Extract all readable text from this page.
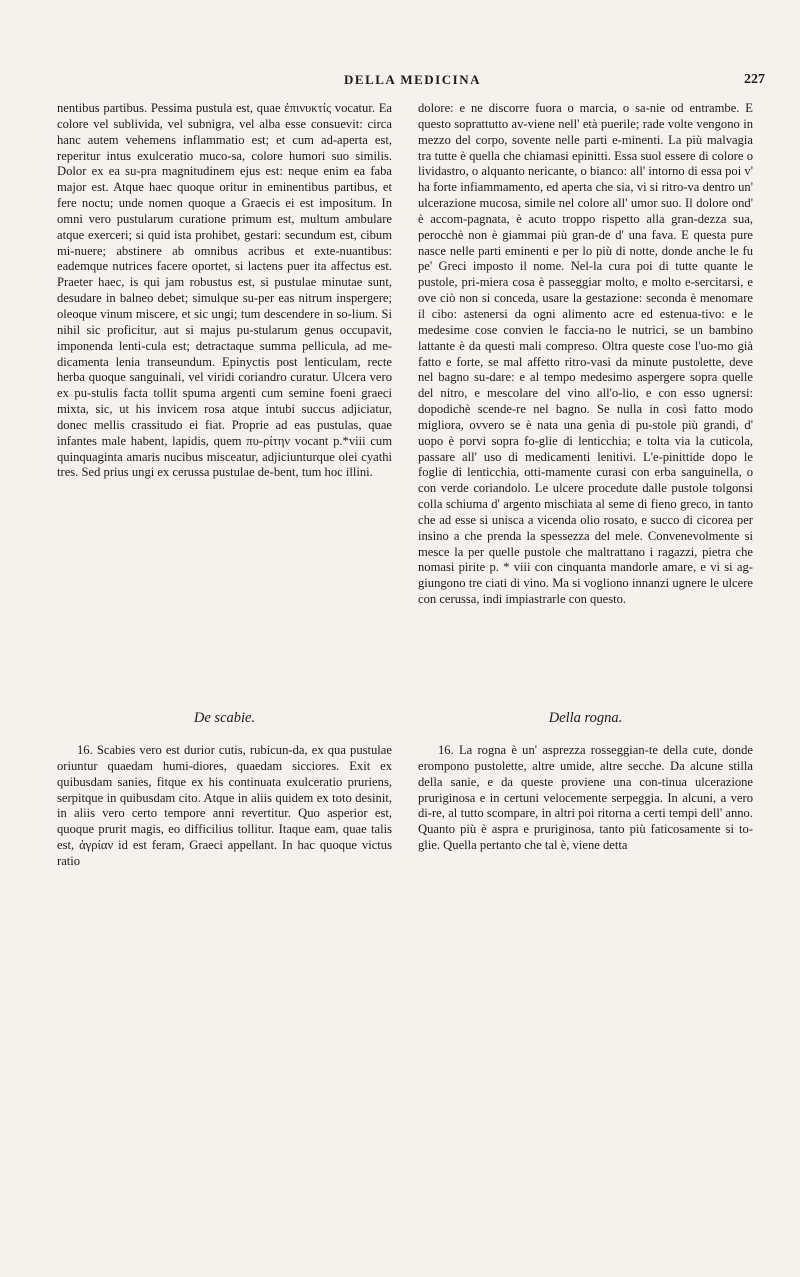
DELLA MEDICINA	227

nentibus partibus. Pessima pustula est, quae ἐπινυκτίς vocatur. Ea colore vel sublivida, vel subnigra, vel alba esse consuevit: circa hanc autem vehemens inflammatio est; et cum ad-aperta est, reperitur intus exulceratio muco-sa, colore humori suo similis. Dolor ex ea su-pra magnitudinem ejus est: neque enim ea faba major est. Atque haec quoque oritur in eminentibus partibus, et fere noctu; unde nomen quoque a Graecis ei est impositum. In omni vero pustularum curatione primum est, multum ambulare atque exerceri; si quid ista prohibet, gestari: secundum est, cibum mi-nuere; abstinere ab omnibus acribus et exte-nuantibus: eademque nutrices facere oportet, si lactens puer ita affectus est. Praeter haec, is qui jam robustus est, si pustulae minutae sunt, desudare in balneo debet; simulque su-per eas nitrum inspergere; oleoque vinum miscere, et sic ungi; tum descendere in so-lium. Si nihil sic proficitur, aut si majus pu-stularum genus occupavit, imponenda lenti-cula est; detractaque summa pellicula, ad me-dicamenta lenia transeundum. Epinyctis post lenticulam, recte herba quoque sanguinali, vel viridi coriandro curatur. Ulcera vero ex pu-stulis facta tollit spuma argenti cum semine foeni graeci mixta, sic, ut his invicem rosa atque intubi succus adjiciatur, donec mellis crassitudo ei fiat. Proprie ad eas pustulas, quae infantes male habent, lapidis, quem πυ-ρίτην vocant p.*viii cum quinquaginta amaris nucibus misceatur, adjiciunturque olei cyathi tres. Sed prius ungi ex cerussa pustulae de-bent, tum hoc illini.

dolore: e ne discorre fuora o marcia, o sa-nie od entrambe. E questo soprattutto av-viene nell' età puerile; rade volte vengono in mezzo del corpo, sovente nelle parti e-minenti. La più malvagia tra tutte è quella che chiamasi epinitti. Essa suol essere di colore o lividastro, o alquanto nericante, o bianco: all' intorno di essa poi v' ha forte infiammamento, ed aperta che sia, vi si ritro-va dentro un' ulcerazione mucosa, simile nel colore all' umor suo. Il dolore ond' è accom-pagnata, è acuto troppo rispetto alla gran-dezza sua, perocchè non è giammai più gran-de d' una fava. E questa pure nasce nelle parti eminenti e per lo più di notte, donde anche le fu pe' Greci imposto il nome. Nel-la cura poi di tutte quante le pustole, pri-miera cosa è passeggiar molto, e molto e-sercitarsi, e ove ciò non si conceda, usare la gestazione: seconda è menomare il cibo: astenersi da ogni alimento acre ed estenua-tivo: e le medesime cose convien le faccia-no le nutrici, se un bambino lattante è da questi mali compreso. Oltra queste cose l'uo-mo già fatto e forte, se mal affetto ritro-vasi da minute pustolette, deve nel bagno su-dare: e al tempo medesimo aspergere sopra quelle del nitro, e mescolare del vino all'o-lio, e con esso ugnersi: dopodichè scende-re nel bagno. Se nulla in così fatto modo migliora, ovvero se è nata una genìa di pu-stole più grandi, d' uopo è porvi sopra fo-glie di lenticchia; e tolta via la cuticola, passare all' uso di medicamenti lenitivi. L'e-pinittide dopo le foglie di lenticchia, otti-mamente curasi con erba sanguinella, o con verde coriandolo. Le ulcere procedute dalle pustole tolgonsi colla schiuma d' argento mischiata al seme di fieno greco, in tanto che ad esse si unisca a vicenda olio rosato, e succo di cicorea per insino a che prenda la spessezza del mele. Convenevolmente si mesce la per quelle pustole che maltrattano i ragazzi, pietra che nomasi pirite p. * viii con cinquanta mandorle amare, e vi si ag-giungono tre ciati di vino. Ma si vogliono innanzi ugnere le ulcere con cerussa, indi impiastrarle con questo.

De scabie.	Della rogna.

16. Scabies vero est durior cutis, rubicun-da, ex qua pustulae oriuntur quaedam humi-diores, quaedam sicciores. Exit ex quibusdam sanies, fitque ex his continuata exulceratio pruriens, serpitque in quibusdam cito. Atque in aliis quidem ex toto desinit, in aliis vero certo tempore anni revertitur. Quo asperior est, quoque prurit magis, eo difficilius tollitur. Itaque eam, quae talis est, ἀγρίαν id est feram, Graeci appellant. In hac quoque victus ratio

16. La rogna è un' asprezza rosseggian-te della cute, donde erompono pustolette, altre umide, altre secche. Da alcune stilla della sanie, e da queste proviene una con-tinua ulcerazione pruriginosa e in certuni velocemente serpeggia. In alcuni, a vero di-re, al tutto scompare, in altri poi ritorna a certi tempi dell' anno. Quanto più è aspra e pruriginosa, tanto più faticosamente si to-glie. Quella pertanto che tal è, viene detta
